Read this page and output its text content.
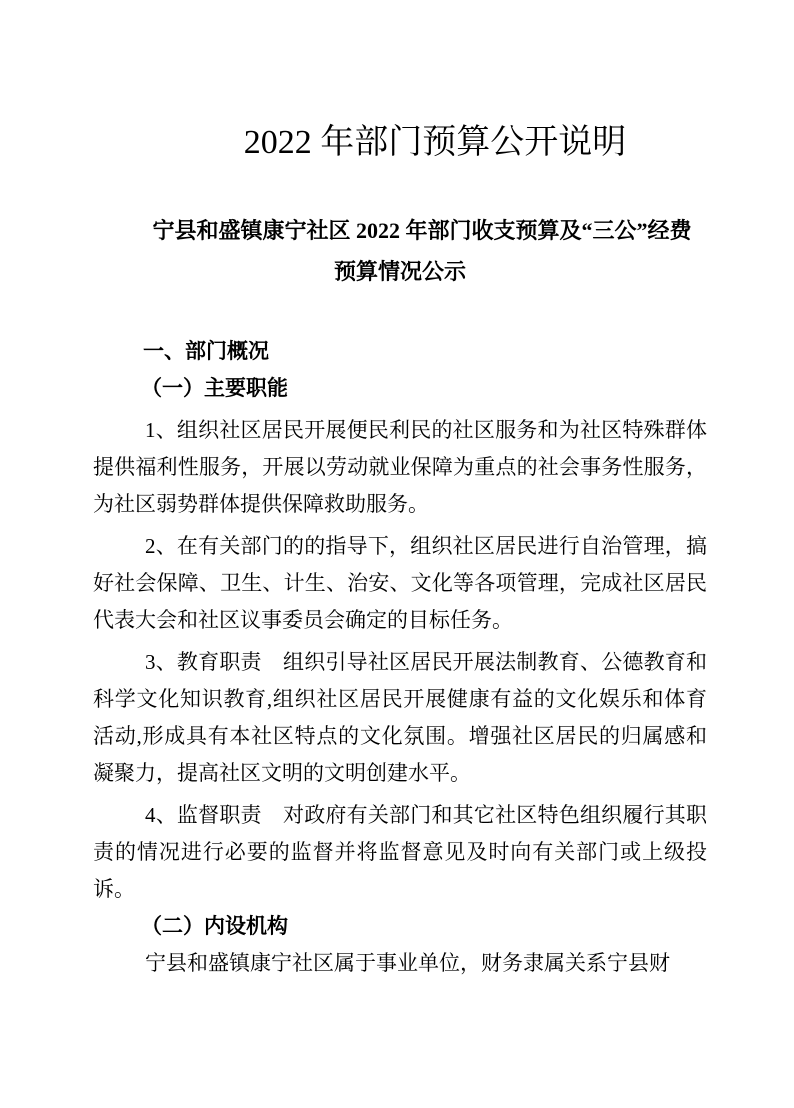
2022 年部门预算公开说明
宁县和盛镇康宁社区 2022 年部门收支预算及“三公”经费
预算情况公示
一、部门概况
（一）主要职能

1、组织社区居民开展便民利民的社区服务和为社区特殊群体提供福利性服务，开展以劳动就业保障为重点的社会事务性服务，为社区弱势群体提供保障救助服务。

2、在有关部门的的指导下，组织社区居民进行自治管理，搞好社会保障、卫生、计生、治安、文化等各项管理，完成社区居民代表大会和社区议事委员会确定的目标任务。

3、教育职责　组织引导社区居民开展法制教育、公德教育和科学文化知识教育,组织社区居民开展健康有益的文化娱乐和体育活动,形成具有本社区特点的文化氛围。增强社区居民的归属感和凝聚力，提高社区文明的文明创建水平。

4、监督职责　对政府有关部门和其它社区特色组织履行其职责的情况进行必要的监督并将监督意见及时向有关部门或上级投诉。

（二）内设机构

宁县和盛镇康宁社区属于事业单位，财务隶属关系宁县财
